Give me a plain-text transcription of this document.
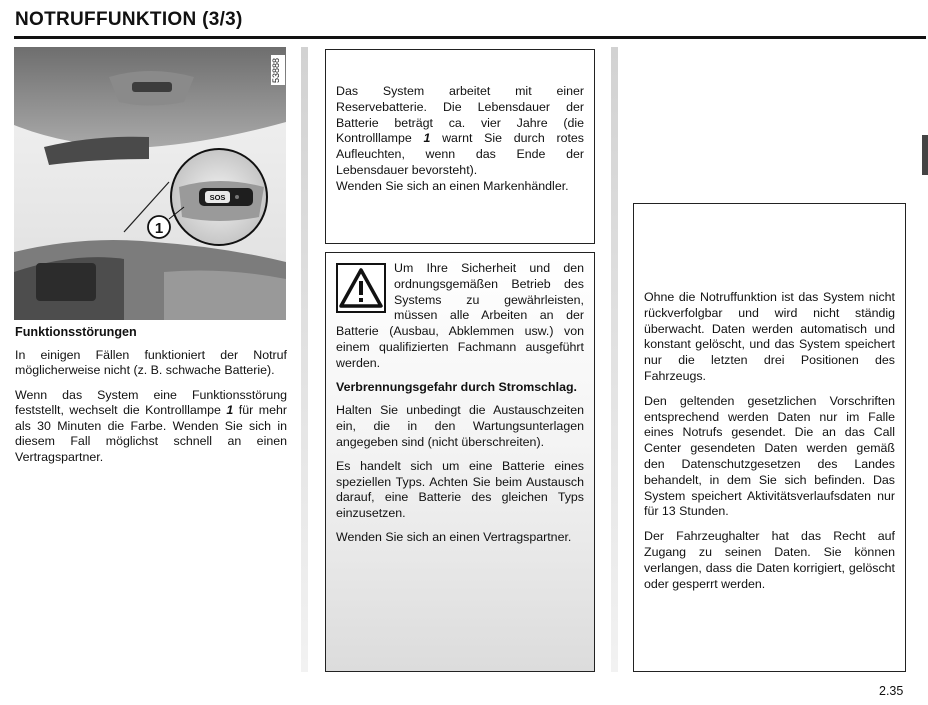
NOTRUFFUNKTION (3/3)
SOS
1
53888
Funktionsstörungen

In einigen Fällen funktioniert der Notruf möglicherweise nicht (z. B. schwache Batterie).

Wenn das System eine Funktionsstörung feststellt, wechselt die Kontrolllampe 1 für mehr als 30 Minuten die Farbe. Wenden Sie sich in diesem Fall möglichst schnell an einen Vertragspartner.

Das System arbeitet mit einer Reservebatterie. Die Lebensdauer der Batterie beträgt ca. vier Jahre (die Kontrolllampe 1 warnt Sie durch rotes Aufleuchten, wenn das Ende der Lebensdauer bevorsteht).

Wenden Sie sich an einen Markenhändler.

Um Ihre Sicherheit und den ordnungsgemäßen Betrieb des Systems zu gewährleisten, müssen alle Arbeiten an der Batterie (Ausbau, Abklemmen usw.) von einem qualifizierten Fachmann ausgeführt werden.

Verbrennungsgefahr durch Stromschlag.

Halten Sie unbedingt die Austauschzeiten ein, die in den Wartungsunterlagen angegeben sind (nicht überschreiten).

Es handelt sich um eine Batterie eines speziellen Typs. Achten Sie beim Austausch darauf, eine Batterie des gleichen Typs einzusetzen.

Wenden Sie sich an einen Vertragspartner.

Ohne die Notruffunktion ist das System nicht rückverfolgbar und wird nicht ständig überwacht. Daten werden automatisch und konstant gelöscht, und das System speichert nur die letzten drei Positionen des Fahrzeugs.

Den geltenden gesetzlichen Vorschriften entsprechend werden Daten nur im Falle eines Notrufs gesendet. Die an das Call Center gesendeten Daten werden gemäß den Datenschutzgesetzen des Landes behandelt, in dem Sie sich befinden. Das System speichert Aktivitätsverlaufsdaten nur für 13 Stunden.

Der Fahrzeughalter hat das Recht auf Zugang zu seinen Daten. Sie können verlangen, dass die Daten korrigiert, gelöscht oder gesperrt werden.

2.35
